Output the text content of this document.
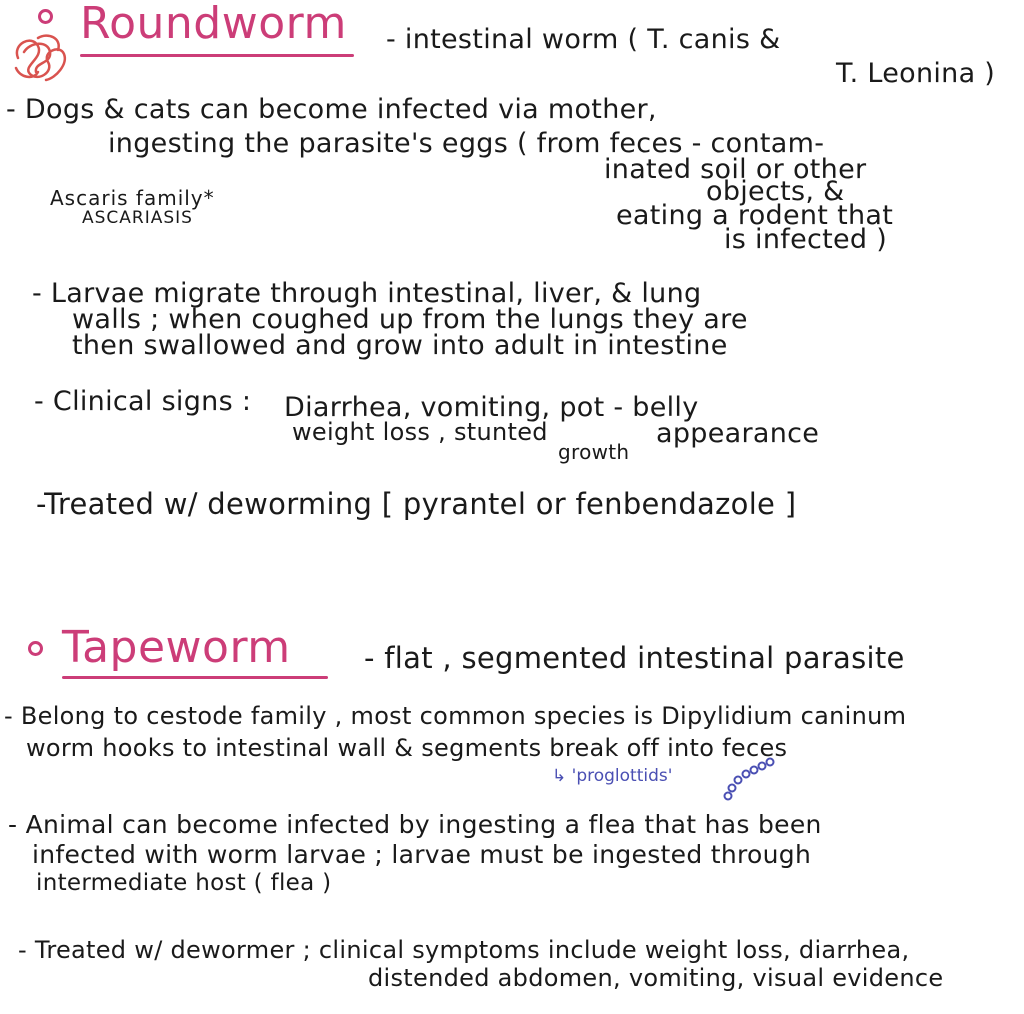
Roundworm - intestinal worm ( T. canis &
T. Leonina )
- Dogs & cats can become infected via mother,
ingesting the parasite's eggs ( from feces - contam-
inated soil or other
objects, &
eating a rodent that
is infected )
Ascaris family*
ASCARIASIS
- Larvae migrate through intestinal, liver, & lung
walls ; when coughed up from the lungs they are
then swallowed and grow into adult in intestine
- Clinical signs : Diarrhea, vomiting, pot - belly
weight loss , stunted
growth
appearance
-Treated w/ deworming [ pyrantel or fenbendazole ]
Tapeworm	- flat , segmented intestinal parasite
- Belong to cestode family , most common species is Dipylidium caninum
worm hooks to intestinal wall & segments break off into feces
↳ 'proglottids'
- Animal can become infected by ingesting a flea that has been
infected with worm larvae ; larvae must be ingested through
intermediate host ( flea )
- Treated w/ dewormer ; clinical symptoms include weight loss, diarrhea,
distended abdomen, vomiting, visual evidence
